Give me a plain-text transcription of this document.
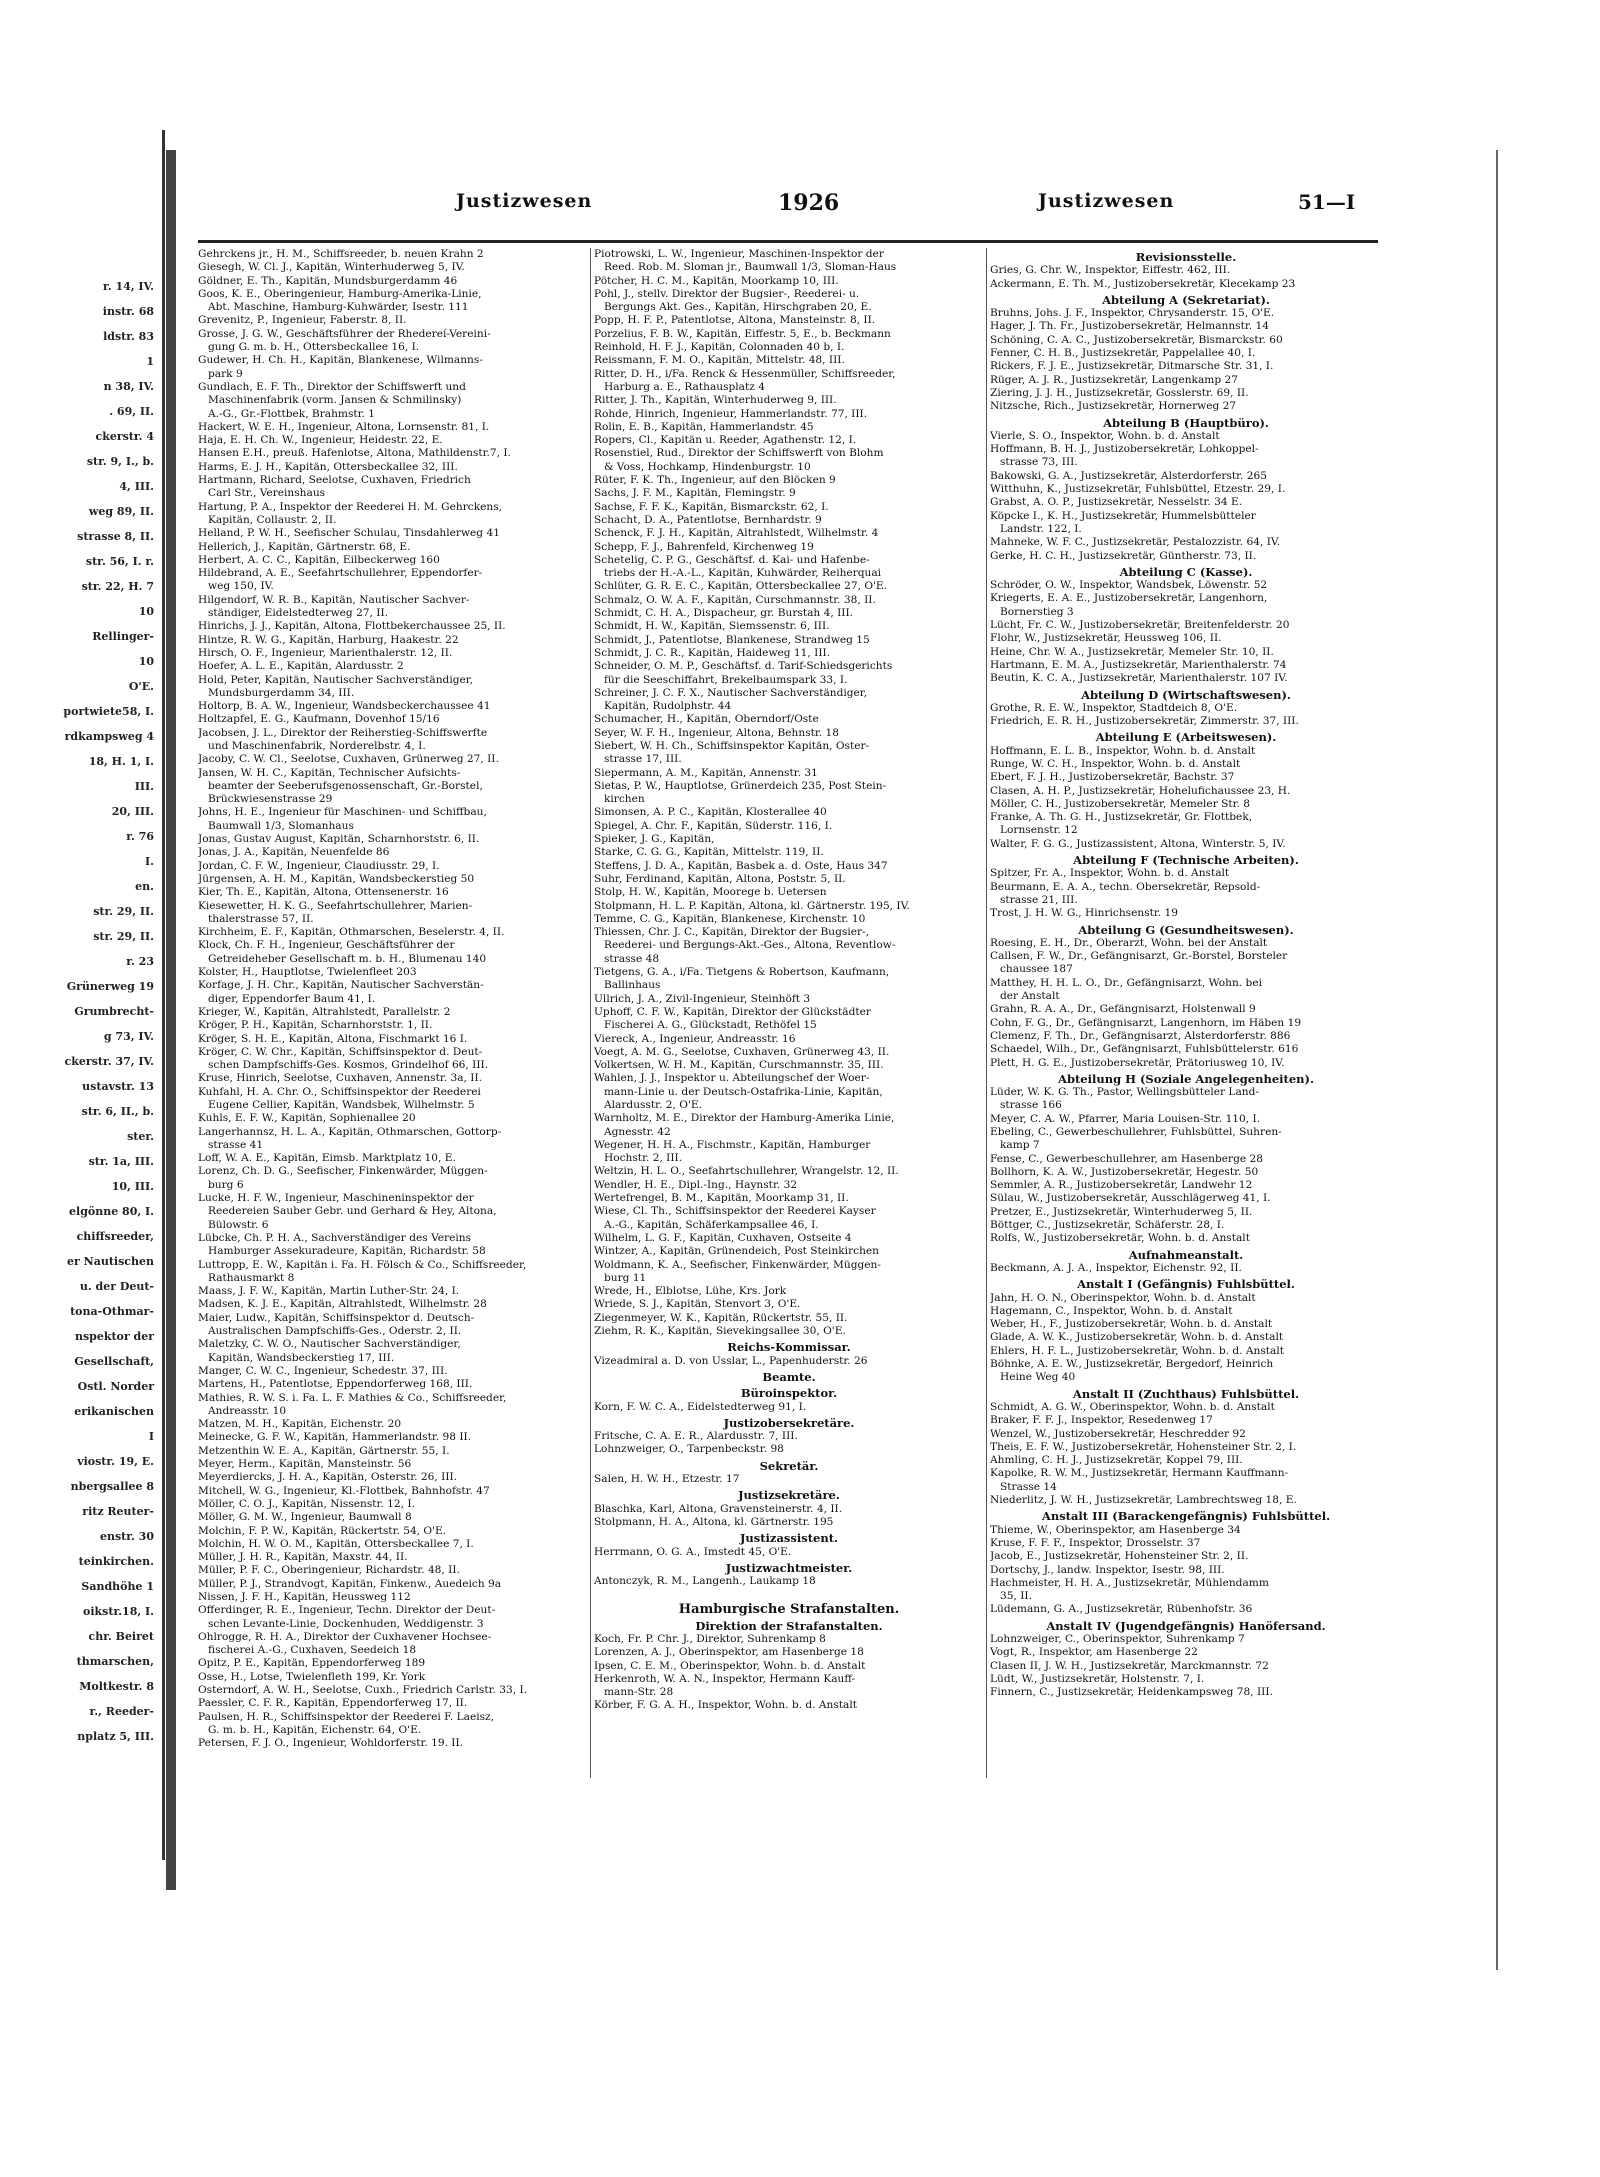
r. 14, IV.
instr. 68
ldstr. 83
1
n 38, IV.
. 69, II.
ckerstr. 4
str. 9, I., b.
4, III.
weg 89, II.
strasse 8, II.
str. 56, I. r.
str. 22, H. 7
10
Rellinger-
10
O'E.
portwiete58, I.
rdkampsweg 4
18, H. 1, I.
III.
20, III.
r. 76
I.
en.
str. 29, II.
str. 29, II.
r. 23
Grünerweg 19
Grumbrecht-
g 73, IV.
ckerstr. 37, IV.
ustavstr. 13
str. 6, II., b.
ster.
str. 1a, III.
10, III.
elgönne 80, I.
chiffsreeder,
er Nautischen
u. der Deut-
tona-Othmar-
nspektor der
Gesellschaft,
Ostl. Norder
erikanischen
I
viostr. 19, E.
nbergsallee 8
ritz Reuter-
enstr. 30
teinkirchen.
Sandhöhe 1
oikstr.18, I.
chr. Beiret
thmarschen,
Moltkestr. 8
r., Reeder-
nplatz 5, III.
Justizwesen	1926	Justizwesen	51—I
Gehrckens jr., H. M., Schiffsreeder, b. neuen Krahn 2
Giesegh, W. Cl. J., Kapitän, Winterhuderweg 5, IV.
Göldner, E. Th., Kapitän, Mundsburgerdamm 46
Goos, K. E., Oberingenieur, Hamburg-Amerika-Linie,
Abt. Maschine, Hamburg-Kuhwärder, Isestr. 111
Grevenitz, P., Ingenieur, Faberstr. 8, II.
Grosse, J. G. W., Geschäftsführer der Rhedereí-Vereini-
gung G. m. b. H., Ottersbeckallee 16, I.
Gudewer, H. Ch. H., Kapitän, Blankenese, Wilmanns-
park 9
Gundlach, E. F. Th., Direktor der Schiffswerft und
Maschinenfabrik (vorm. Jansen & Schmilinsky)
A.-G., Gr.-Flottbek, Brahmstr. 1
Hackert, W. E. H., Ingenieur, Altona, Lornsenstr. 81, I.
Haja, E. H. Ch. W., Ingenieur, Heidestr. 22, E.
Hansen E.H., preuß. Hafenlotse, Altona, Mathildenstr.7, I.
Harms, E. J. H., Kapitän, Ottersbeckallee 32, III.
Hartmann, Richard, Seelotse, Cuxhaven, Friedrich
Carl Str., Vereinshaus
Hartung, P. A., Inspektor der Reederei H. M. Gehrckens,
Kapitän, Collaustr. 2, II.
Helland, P. W. H., Seefischer Schulau, Tinsdahlerweg 41
Hellerich, J., Kapitän, Gärtnerstr. 68, E.
Herbert, A. C. C., Kapitän, Eilbeckerweg 160
Hildebrand, A. E., Seefahrtschullehrer, Eppendorfer-
weg 150, IV.
Hilgendorf, W. R. B., Kapitän, Nautischer Sachver-
ständiger, Eidelstedterweg 27, II.
Hinrichs, J. J., Kapitän, Altona, Flottbekerchaussee 25, II.
Hintze, R. W. G., Kapitän, Harburg, Haakestr. 22
Hirsch, O. F., Ingenieur, Marienthalerstr. 12, II.
Hoefer, A. L. E., Kapitän, Alardusstr. 2
Hold, Peter, Kapitän, Nautischer Sachverständiger,
Mundsburgerdamm 34, III.
Holtorp, B. A. W., Ingenieur, Wandsbeckerchaussee 41
Holtzapfel, E. G., Kaufmann, Dovenhof 15/16
Jacobsen, J. L., Direktor der Reiherstieg-Schiffswerfte
und Maschinenfabrik, Norderelbstr. 4, I.
Jacoby, C. W. Cl., Seelotse, Cuxhaven, Grünerweg 27, II.
Jansen, W. H. C., Kapitän, Technischer Aufsichts-
beamter der Seeberufsgenossenschaft, Gr.-Borstel,
Brückwiesenstrasse 29
Johns, H. E., Ingenieur für Maschinen- und Schiffbau,
Baumwall 1/3, Slomanhaus
Jonas, Gustav August, Kapitän, Scharnhorststr. 6, II.
Jonas, J. A., Kapitän, Neuenfelde 86
Jordan, C. F. W., Ingenieur, Claudiusstr. 29, I.
Jürgensen, A. H. M., Kapitän, Wandsbeckerstieg 50
Kier, Th. E., Kapitän, Altona, Ottensenerstr. 16
Kiesewetter, H. K. G., Seefahrtschullehrer, Marien-
thalerstrasse 57, II.
Kirchheim, E. F., Kapitän, Othmarschen, Beselerstr. 4, II.
Klock, Ch. F. H., Ingenieur, Geschäftsführer der
Getreideheber Gesellschaft m. b. H., Blumenau 140
Kolster, H., Hauptlotse, Twielenfleet 203
Korfage, J. H. Chr., Kapitän, Nautischer Sachverstän-
diger, Eppendorfer Baum 41, I.
Krieger, W., Kapitän, Altrahlstedt, Parallelstr. 2
Kröger, P. H., Kapitän, Scharnhorststr. 1, II.
Kröger, S. H. E., Kapitän, Altona, Fischmarkt 16 I.
Kröger, C. W. Chr., Kapitän, Schiffsinspektor d. Deut-
schen Dampfschiffs-Ges. Kosmos, Grindelhof 66, III.
Kruse, Hinrich, Seelotse, Cuxhaven, Annenstr. 3a, II.
Kuhfahl, H. A. Chr. O., Schiffsinspektor der Reederei
Eugene Cellier, Kapitän, Wandsbek, Wilhelmstr. 5
Kuhls, E. F. W., Kapitän, Sophienallee 20
Langerhannsz, H. L. A., Kapitän, Othmarschen, Gottorp-
strasse 41
Loff, W. A. E., Kapitän, Eimsb. Marktplatz 10, E.
Lorenz, Ch. D. G., Seefischer, Finkenwärder, Müggen-
burg 6
Lucke, H. F. W., Ingenieur, Maschineninspektor der
Reedereien Sauber Gebr. und Gerhard & Hey, Altona,
Bülowstr. 6
Lübcke, Ch. P. H. A., Sachverständiger des Vereins
Hamburger Assekuradeure, Kapitän, Richardstr. 58
Luttropp, E. W., Kapitän i. Fa. H. Fölsch & Co., Schiffsreeder,
Rathausmarkt 8
Maass, J. F. W., Kapitän, Martin Luther-Str. 24, I.
Madsen, K. J. E., Kapitän, Altrahlstedt, Wilhelmstr. 28
Maier, Ludw., Kapitän, Schiffsinspektor d. Deutsch-
Australischen Dampfschiffs-Ges., Oderstr. 2, II.
Maletzky, C. W. O., Nautischer Sachverständiger,
Kapitän, Wandsbeckerstieg 17, III.
Manger, C. W. C., Ingenieur, Schedestr. 37, III.
Martens, H., Patentlotse, Eppendorferweg 168, III.
Mathies, R. W. S. i. Fa. L. F. Mathies & Co., Schiffsreeder,
Andreasstr. 10
Matzen, M. H., Kapitän, Eichenstr. 20
Meinecke, G. F. W., Kapitän, Hammerlandstr. 98 II.
Metzenthin W. E. A., Kapitän, Gärtnerstr. 55, I.
Meyer, Herm., Kapitän, Mansteinstr. 56
Meyerdiercks, J. H. A., Kapitän, Osterstr. 26, III.
Mitchell, W. G., Ingenieur, Kl.-Flottbek, Bahnhofstr. 47
Möller, C. O. J., Kapitän, Nissenstr. 12, I.
Möller, G. M. W., Ingenieur, Baumwall 8
Molchin, F. P. W., Kapitän, Rückertstr. 54, O'E.
Molchin, H. W. O. M., Kapitän, Ottersbeckallee 7, I.
Müller, J. H. R., Kapitän, Maxstr. 44, II.
Müller, P. F. C., Oberingenieur, Richardstr. 48, II.
Müller, P. J., Strandvogt, Kapitän, Finkenw., Auedeich 9a
Nissen, J. F. H., Kapitän, Heussweg 112
Offerdinger, R. E., Ingenieur, Techn. Direktor der Deut-
schen Levante-Linie, Dockenhuden, Weddigenstr. 3
Ohlrogge, R. H. A., Direktor der Cuxhavener Hochsee-
fischerei A.-G., Cuxhaven, Seedeich 18
Opitz, P. E., Kapitän, Eppendorferweg 189
Osse, H., Lotse, Twielenfleth 199, Kr. York
Osterndorf, A. W. H., Seelotse, Cuxh., Friedrich Carlstr. 33, I.
Paessler, C. F. R., Kapitän, Eppendorferweg 17, II.
Paulsen, H. R., Schiffsinspektor der Reederei F. Laeisz,
G. m. b. H., Kapitän, Eichenstr. 64, O'E.
Petersen, F. J. O., Ingenieur, Wohldorferstr. 19. II.
Piotrowski, L. W., Ingenieur, Maschinen-Inspektor der
Reed. Rob. M. Sloman jr., Baumwall 1/3, Sloman-Haus
Pötcher, H. C. M., Kapitän, Moorkamp 10, III.
Pohl, J., stellv. Direktor der Bugsier-, Reederei- u.
Bergungs Akt. Ges., Kapitän, Hirschgraben 20, E.
Popp, H. F. P., Patentlotse, Altona, Mansteinstr. 8, II.
Porzelius, F. B. W., Kapitän, Eiffestr. 5, E., b. Beckmann
Reinhold, H. F. J., Kapitän, Colonnaden 40 b, I.
Reissmann, F. M. O., Kapitän, Mittelstr. 48, III.
Ritter, D. H., i/Fa. Renck & Hessenmüller, Schiffsreeder,
Harburg a. E., Rathausplatz 4
Ritter, J. Th., Kapitän, Winterhuderweg 9, III.
Rohde, Hinrich, Ingenieur, Hammerlandstr. 77, III.
Rolin, E. B., Kapitän, Hammerlandstr. 45
Ropers, Cl., Kapitän u. Reeder, Agathenstr. 12, I.
Rosenstiel, Rud., Direktor der Schiffswerft von Blohm
& Voss, Hochkamp, Hindenburgstr. 10
Rüter, F. K. Th., Ingenieur, auf den Blöcken 9
Sachs, J. F. M., Kapitän, Flemingstr. 9
Sachse, F. F. K., Kapitän, Bismarckstr. 62, I.
Schacht, D. A., Patentlotse, Bernhardstr. 9
Schenck, F. J. H., Kapitän, Altrahlstedt, Wilhelmstr. 4
Schepp, F. J., Bahrenfeld, Kirchenweg 19
Schetelig, C. P. G., Geschäftsf. d. Kai- und Hafenbe-
triebs der H.-A.-L., Kapitän, Kuhwärder, Reiherquai
Schlüter, G. R. E. C., Kapitän, Ottersbeckallee 27, O'E.
Schmalz, O. W. A. F., Kapitän, Curschmannstr. 38, II.
Schmidt, C. H. A., Dispacheur, gr. Burstah 4, III.
Schmidt, H. W., Kapitän, Siemssenstr. 6, III.
Schmidt, J., Patentlotse, Blankenese, Strandweg 15
Schmidt, J. C. R., Kapitän, Haideweg 11, III.
Schneider, O. M. P., Geschäftsf. d. Tarif-Schiedsgerichts
für die Seeschiffahrt, Brekelbaumspark 33, I.
Schreiner, J. C. F. X., Nautischer Sachverständiger,
Kapitän, Rudolphstr. 44
Schumacher, H., Kapitän, Oberndorf/Oste
Seyer, W. F. H., Ingenieur, Altona, Behnstr. 18
Siebert, W. H. Ch., Schiffsinspektor Kapitän, Oster-
strasse 17, III.
Siepermann, A. M., Kapitän, Annenstr. 31
Sietas, P. W., Hauptlotse, Grünerdeich 235, Post Stein-
kirchen
Simonsen, A. P. C., Kapitän, Klosterallee 40
Spiegel, A. Chr. F., Kapitän, Süderstr. 116, I.
Spieker, J. G., Kapitän,
Starke, C. G. G., Kapitän, Mittelstr. 119, II.
Steffens, J. D. A., Kapitän, Basbek a. d. Oste, Haus 347
Suhr, Ferdinand, Kapitän, Altona, Poststr. 5, II.
Stolp, H. W., Kapitän, Moorege b. Uetersen
Stolpmann, H. L. P. Kapitän, Altona, kl. Gärtnerstr. 195, IV.
Temme, C. G., Kapitän, Blankenese, Kirchenstr. 10
Thiessen, Chr. J. C., Kapitän, Direktor der Bugsier-,
Reederei- und Bergungs-Akt.-Ges., Altona, Reventlow-
strasse 48
Tietgens, G. A., i/Fa. Tietgens & Robertson, Kaufmann,
Ballinhaus
Ullrich, J. A., Zivil-Ingenieur, Steinhöft 3
Uphoff, C. F. W., Kapitän, Direktor der Glückstädter
Fischerei A. G., Glückstadt, Rethöfel 15
Viereck, A., Ingenieur, Andreasstr. 16
Voegt, A. M. G., Seelotse, Cuxhaven, Grünerweg 43, II.
Volkertsen, W. H. M., Kapitän, Curschmannstr. 35, III.
Wahlen, J. J., Inspektor u. Abteilungschef der Woer-
mann-Linie u. der Deutsch-Ostafrika-Linie, Kapitän,
Alardusstr. 2, O'E.
Warnholtz, M. E., Direktor der Hamburg-Amerika Linie,
Agnesstr. 42
Wegener, H. H. A., Fischmstr., Kapitän, Hamburger
Hochstr. 2, III.
Weltzin, H. L. O., Seefahrtschullehrer, Wrangelstr. 12, II.
Wendler, H. E., Dipl.-Ing., Haynstr. 32
Wertefrengel, B. M., Kapitän, Moorkamp 31, II.
Wiese, Cl. Th., Schiffsinspektor der Reederei Kayser
A.-G., Kapitän, Schäferkampsallee 46, I.
Wilhelm, L. G. F., Kapitän, Cuxhaven, Ostseite 4
Wintzer, A., Kapitän, Grünendeich, Post Steinkirchen
Woldmann, K. A., Seefischer, Finkenwärder, Müggen-
burg 11
Wrede, H., Elblotse, Lühe, Krs. Jork
Wriede, S. J., Kapitän, Stenvort 3, O'E.
Ziegenmeyer, W. K., Kapitän, Rückertstr. 55, II.
Ziehm, R. K., Kapitän, Sievekingsallee 30, O'E.
Reichs-Kommissar.
Vizeadmiral a. D. von Usslar, L., Papenhuderstr. 26
Beamte.
Büroinspektor.
Korn, F. W. C. A., Eidelstedterweg 91, I.
Justizobersekretäre.
Fritsche, C. A. E. R., Alardusstr. 7, III.
Lohnzweiger, O., Tarpenbeckstr. 98
Sekretär.
Salen, H. W. H., Etzestr. 17
Justizsekretäre.
Blaschka, Karl, Altona, Gravensteinerstr. 4, II.
Stolpmann, H. A., Altona, kl. Gärtnerstr. 195
Justizassistent.
Herrmann, O. G. A., Imstedt 45, O'E.
Justizwachtmeister.
Antonczyk, R. M., Langenh., Laukamp 18
Hamburgische Strafanstalten.
Direktion der Strafanstalten.
Koch, Fr. P. Chr. J., Direktor, Suhrenkamp 8
Lorenzen, A. J., Oberinspektor, am Hasenberge 18
Ipsen, C. E. M., Oberinspektor, Wohn. b. d. Anstalt
Herkenroth, W. A. N., Inspektor, Hermann Kauff-
mann-Str. 28
Körber, F. G. A. H., Inspektor, Wohn. b. d. Anstalt
Revisionsstelle.
Gries, G. Chr. W., Inspektor, Eiffestr. 462, III.
Ackermann, E. Th. M., Justizobersekretär, Klecekamp 23
Abteilung A (Sekretariat).
Bruhns, Johs. J. F., Inspektor, Chrysanderstr. 15, O'E.
Hager, J. Th. Fr., Justizobersekretär, Helmannstr. 14
Schöning, C. A. C., Justizobersekretär, Bismarckstr. 60
Fenner, C. H. B., Justizsekretär, Pappelallee 40, I.
Rickers, F. J. E., Justizsekretär, Ditmarsche Str. 31, I.
Rüger, A. J. R., Justizsekretär, Langenkamp 27
Ziering, J. J. H., Justizsekretär, Gosslerstr. 69, II.
Nitzsche, Rich., Justizsekretär, Hornerweg 27
Abteilung B (Hauptbüro).
Vierle, S. O., Inspektor, Wohn. b. d. Anstalt
Hoffmann, B. H. J., Justizobersekretär, Lohkoppel-
strasse 73, III.
Bakowski, G. A., Justizsekretär, Alsterdorferstr. 265
Witthuhn, K., Justizsekretär, Fuhlsbüttel, Etzestr. 29, I.
Grabst, A. O. P., Justizsekretär, Nesselstr. 34 E.
Köpcke I., K. H., Justizsekretär, Hummelsbütteler
Landstr. 122, I.
Mahneke, W. F. C., Justizsekretär, Pestalozzistr. 64, IV.
Gerke, H. C. H., Justizsekretär, Güntherstr. 73, II.
Abteilung C (Kasse).
Schröder, O. W., Inspektor, Wandsbek, Löwenstr. 52
Kriegerts, E. A. E., Justizobersekretär, Langenhorn,
Bornerstieg 3
Lücht, Fr. C. W., Justizobersekretär, Breitenfelderstr. 20
Flohr, W., Justizsekretär, Heussweg 106, II.
Heine, Chr. W. A., Justizsekretär, Memeler Str. 10, II.
Hartmann, E. M. A., Justizsekretär, Marienthalerstr. 74
Beutin, K. C. A., Justizsekretär, Marienthalerstr. 107 IV.
Abteilung D (Wirtschaftswesen).
Grothe, R. E. W., Inspektor, Stadtdeich 8, O'E.
Friedrich, E. R. H., Justizobersekretär, Zimmerstr. 37, III.
Abteilung E (Arbeitswesen).
Hoffmann, E. L. B., Inspektor, Wohn. b. d. Anstalt
Runge, W. C. H., Inspektor, Wohn. b. d. Anstalt
Ebert, F. J. H., Justizobersekretär, Bachstr. 37
Clasen, A. H. P., Justizsekretär, Hohelufichaussee 23, H.
Möller, C. H., Justizobersekretär, Memeler Str. 8
Franke, A. Th. G. H., Justizsekretär, Gr. Flottbek,
Lornsenstr. 12
Walter, F. G. G., Justizassistent, Altona, Winterstr. 5, IV.
Abteilung F (Technische Arbeiten).
Spitzer, Fr. A., Inspektor, Wohn. b. d. Anstalt
Beurmann, E. A. A., techn. Obersekretär, Repsold-
strasse 21, III.
Trost, J. H. W. G., Hinrichsenstr. 19
Abteilung G (Gesundheitswesen).
Roesing, E. H., Dr., Oberarzt, Wohn. bei der Anstalt
Callsen, F. W., Dr., Gefängnisarzt, Gr.-Borstel, Borsteler
chaussee 187
Matthey, H. H. L. O., Dr., Gefängnisarzt, Wohn. bei
der Anstalt
Grahn, R. A. A., Dr., Gefängnisarzt, Holstenwall 9
Cohn, F. G., Dr., Gefängnisarzt, Langenhorn, im Häben 19
Clemenz, F. Th., Dr., Gefängnisarzt, Alsterdorferstr. 886
Schaedel, Wilh., Dr., Gefängnisarzt, Fuhlsbüttelerstr. 616
Plett, H. G. E., Justizobersekretär, Prätoriusweg 10, IV.
Abteilung H (Soziale Angelegenheiten).
Lüder, W. K. G. Th., Pastor, Wellingsbütteler Land-
strasse 166
Meyer, C. A. W., Pfarrer, Maria Louisen-Str. 110, I.
Ebeling, C., Gewerbeschullehrer, Fuhlsbüttel, Suhren-
kamp 7
Fense, C., Gewerbeschullehrer, am Hasenberge 28
Bollhorn, K. A. W., Justizobersekretär, Hegestr. 50
Semmler, A. R., Justizobersekretär, Landwehr 12
Sülau, W., Justizobersekretär, Ausschlägerweg 41, I.
Pretzer, E., Justizsekretär, Winterhuderweg 5, II.
Böttger, C., Justizsekretär, Schäferstr. 28, I.
Rolfs, W., Justizobersekretär, Wohn. b. d. Anstalt
Aufnahmeanstalt.
Beckmann, A. J. A., Inspektor, Eichenstr. 92, II.
Anstalt I (Gefängnis) Fuhlsbüttel.
Jahn, H. O. N., Oberinspektor, Wohn. b. d. Anstalt
Hagemann, C., Inspektor, Wohn. b. d. Anstalt
Weber, H., F., Justizobersekretär, Wohn. b. d. Anstalt
Glade, A. W. K., Justizobersekretär, Wohn. b. d. Anstalt
Ehlers, H. F. L., Justizobersekretär, Wohn. b. d. Anstalt
Böhnke, A. E. W., Justizsekretär, Bergedorf, Heinrich
Heine Weg 40
Anstalt II (Zuchthaus) Fuhlsbüttel.
Schmidt, A. G. W., Oberinspektor, Wohn. b. d. Anstalt
Braker, F. F. J., Inspektor, Resedenweg 17
Wenzel, W., Justizobersekretär, Heschredder 92
Theis, E. F. W., Justizobersekretär, Hohensteiner Str. 2, I.
Ahmling, C. H. J., Justizsekretär, Koppel 79, III.
Kapolke, R. W. M., Justizsekretär, Hermann Kauffmann-
Strasse 14
Niederlitz, J. W. H., Justizsekretär, Lambrechtsweg 18, E.
Anstalt III (Barackengefängnis) Fuhlsbüttel.
Thieme, W., Oberinspektor, am Hasenberge 34
Kruse, F. F. F., Inspektor, Drosselstr. 37
Jacob, E., Justizsekretär, Hohensteiner Str. 2, II.
Dortschy, J., landw. Inspektor, Isestr. 98, III.
Hachmeister, H. H. A., Justizsekretär, Mühlendamm
35, II.
Lüdemann, G. A., Justizsekretär, Rübenhofstr. 36
Anstalt IV (Jugendgefängnis) Hanöfersand.
Lohnzweiger, C., Oberinspektor, Suhrenkamp 7
Vogt, R., Inspektor, am Hasenberge 22
Clasen II, J. W. H., Justizsekretär, Marckmannstr. 72
Lüdt, W., Justizsekretär, Holstenstr. 7, I.
Finnern, C., Justizsekretär, Heidenkampsweg 78, III.
